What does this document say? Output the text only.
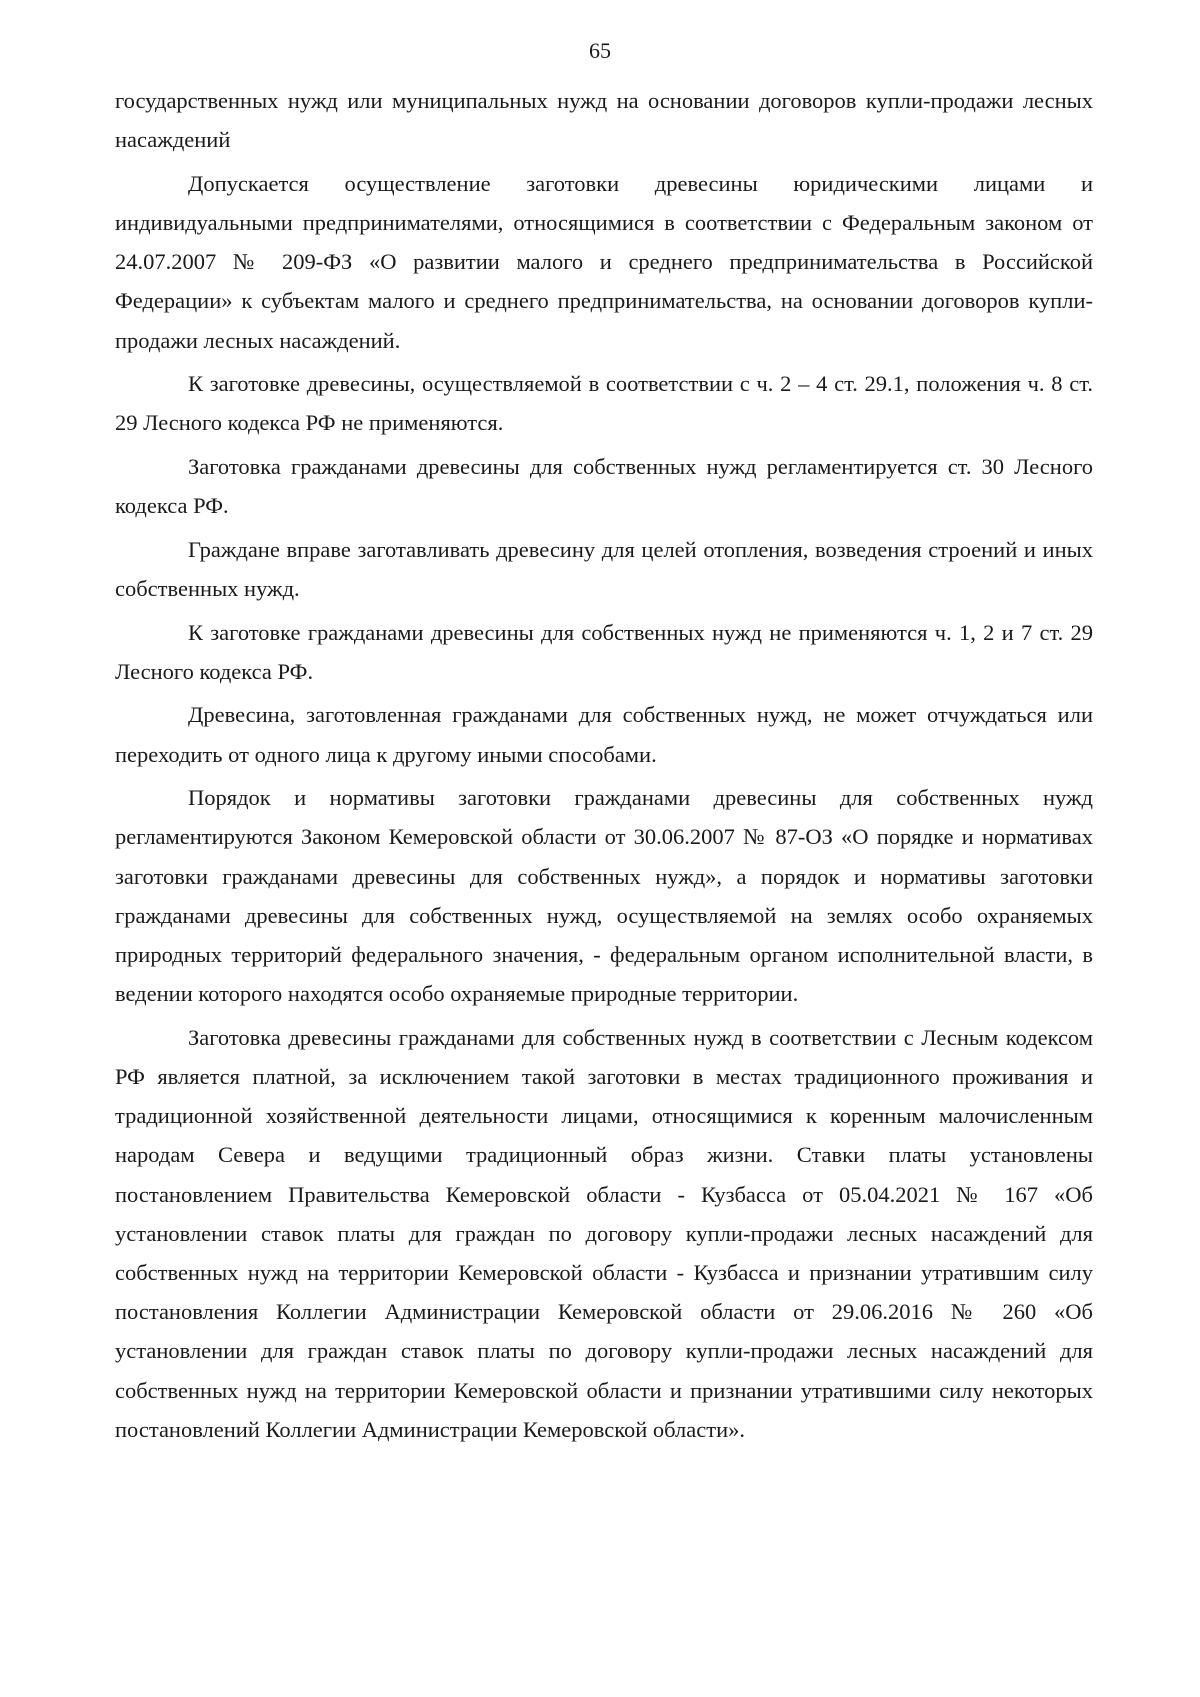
65

государственных нужд или муниципальных нужд на основании договоров купли-продажи лесных насаждений

Допускается осуществление заготовки древесины юридическими лицами и индивидуальными предпринимателями, относящимися в соответствии с Федеральным законом от 24.07.2007 № 209-ФЗ «О развитии малого и среднего предпринимательства в Российской Федерации» к субъектам малого и среднего предпринимательства, на основании договоров купли-продажи лесных насаждений.

К заготовке древесины, осуществляемой в соответствии с ч. 2 – 4 ст. 29.1, положения ч. 8 ст. 29 Лесного кодекса РФ не применяются.

Заготовка гражданами древесины для собственных нужд регламентируется ст. 30 Лесного кодекса РФ.

Граждане вправе заготавливать древесину для целей отопления, возведения строений и иных собственных нужд.

К заготовке гражданами древесины для собственных нужд не применяются ч. 1, 2 и 7 ст. 29 Лесного кодекса РФ.

Древесина, заготовленная гражданами для собственных нужд, не может отчуждаться или переходить от одного лица к другому иными способами.

Порядок и нормативы заготовки гражданами древесины для собственных нужд регламентируются Законом Кемеровской области от 30.06.2007 № 87-ОЗ «О порядке и нормативах заготовки гражданами древесины для собственных нужд», а порядок и нормативы заготовки гражданами древесины для собственных нужд, осуществляемой на землях особо охраняемых природных территорий федерального значения, - федеральным органом исполнительной власти, в ведении которого находятся особо охраняемые природные территории.

Заготовка древесины гражданами для собственных нужд в соответствии с Лесным кодексом РФ является платной, за исключением такой заготовки в местах традиционного проживания и традиционной хозяйственной деятельности лицами, относящимися к коренным малочисленным народам Севера и ведущими традиционный образ жизни. Ставки платы установлены постановлением Правительства Кемеровской области - Кузбасса от 05.04.2021 № 167 «Об установлении ставок платы для граждан по договору купли-продажи лесных насаждений для собственных нужд на территории Кемеровской области - Кузбасса и признании утратившим силу постановления Коллегии Администрации Кемеровской области от 29.06.2016 № 260 «Об установлении для граждан ставок платы по договору купли-продажи лесных насаждений для собственных нужд на территории Кемеровской области и признании утратившими силу некоторых постановлений Коллегии Администрации Кемеровской области».
